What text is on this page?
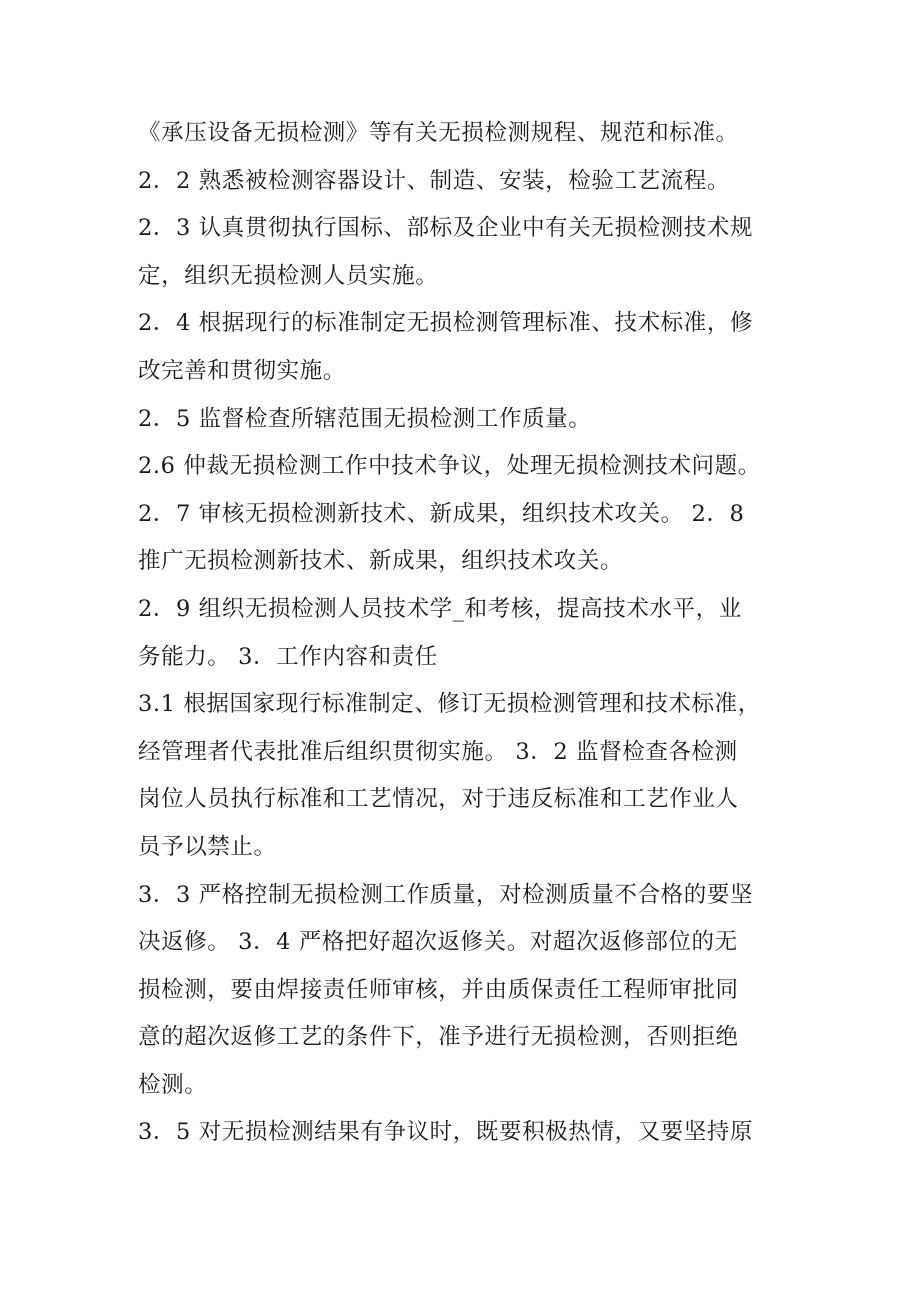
《承压设备无损检测》等有关无损检测规程、规范和标准。
2．2 熟悉被检测容器设计、制造、安装，检验工艺流程。
2．3 认真贯彻执行国标、部标及企业中有关无损检测技术规
定，组织无损检测人员实施。
2．4 根据现行的标准制定无损检测管理标准、技术标准，修
改完善和贯彻实施。
2．5 监督检查所辖范围无损检测工作质量。
2.6 仲裁无损检测工作中技术争议，处理无损检测技术问题。
2．7 审核无损检测新技术、新成果，组织技术攻关。 2．8
推广无损检测新技术、新成果，组织技术攻关。
2．9 组织无损检测人员技术学_和考核，提高技术水平，业
务能力。 3．工作内容和责任
3.1 根据国家现行标准制定、修订无损检测管理和技术标准，
经管理者代表批准后组织贯彻实施。 3．2 监督检查各检测
岗位人员执行标准和工艺情况，对于违反标准和工艺作业人
员予以禁止。
3．3 严格控制无损检测工作质量，对检测质量不合格的要坚
决返修。 3．4 严格把好超次返修关。对超次返修部位的无
损检测，要由焊接责任师审核，并由质保责任工程师审批同
意的超次返修工艺的条件下，准予进行无损检测，否则拒绝
检测。
3．5 对无损检测结果有争议时，既要积极热情，又要坚持原
